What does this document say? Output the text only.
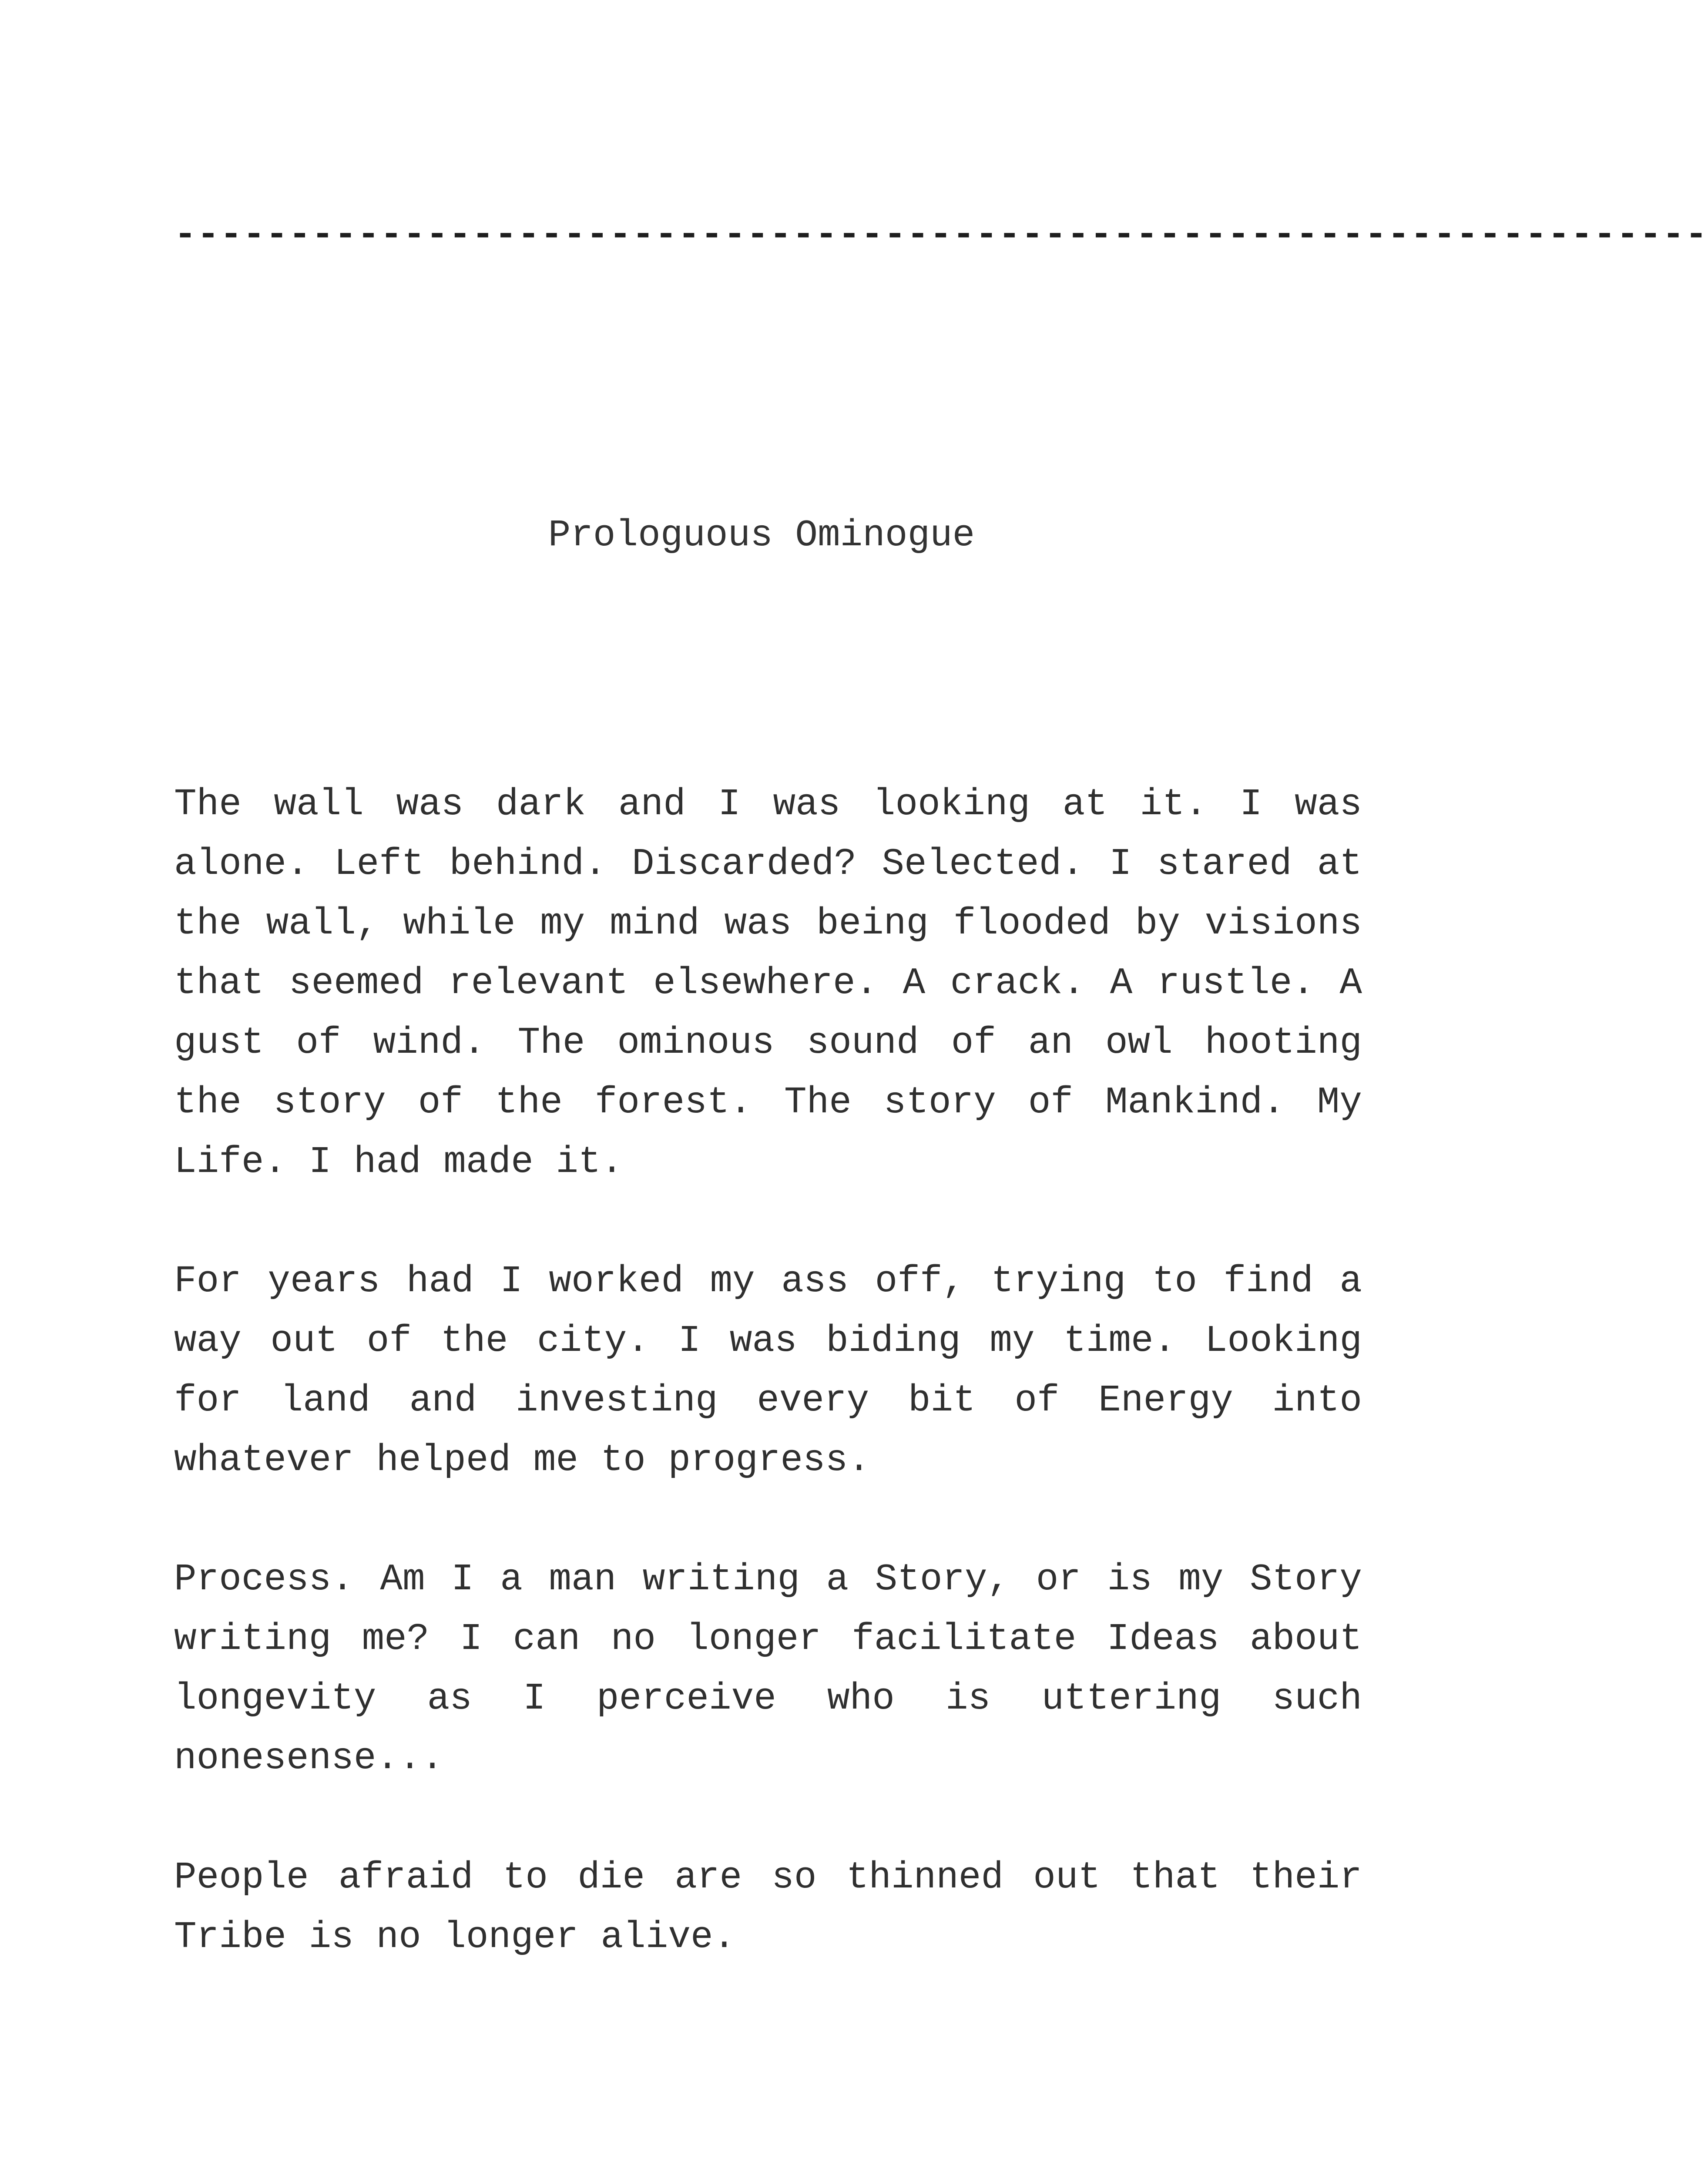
-------------------------------------------------------------------
Prologuous Ominogue

The wall was dark and I was looking at it. I was alone. Left behind. Discarded? Selected. I stared at the wall, while my mind was being flooded by visions that seemed relevant elsewhere. A crack. A rustle. A gust of wind. The ominous sound of an owl hooting the story of the forest. The story of Mankind. My Life. I had made it.

For years had I worked my ass off, trying to find a way out of the city. I was biding my time. Looking for land and investing every bit of Energy into whatever helped me to progress.

Process. Am I a man writing a Story, or is my Story writing me? I can no longer facilitate Ideas about longevity as I perceive who is uttering such nonesense...

People afraid to die are so thinned out that their Tribe is no longer alive.
